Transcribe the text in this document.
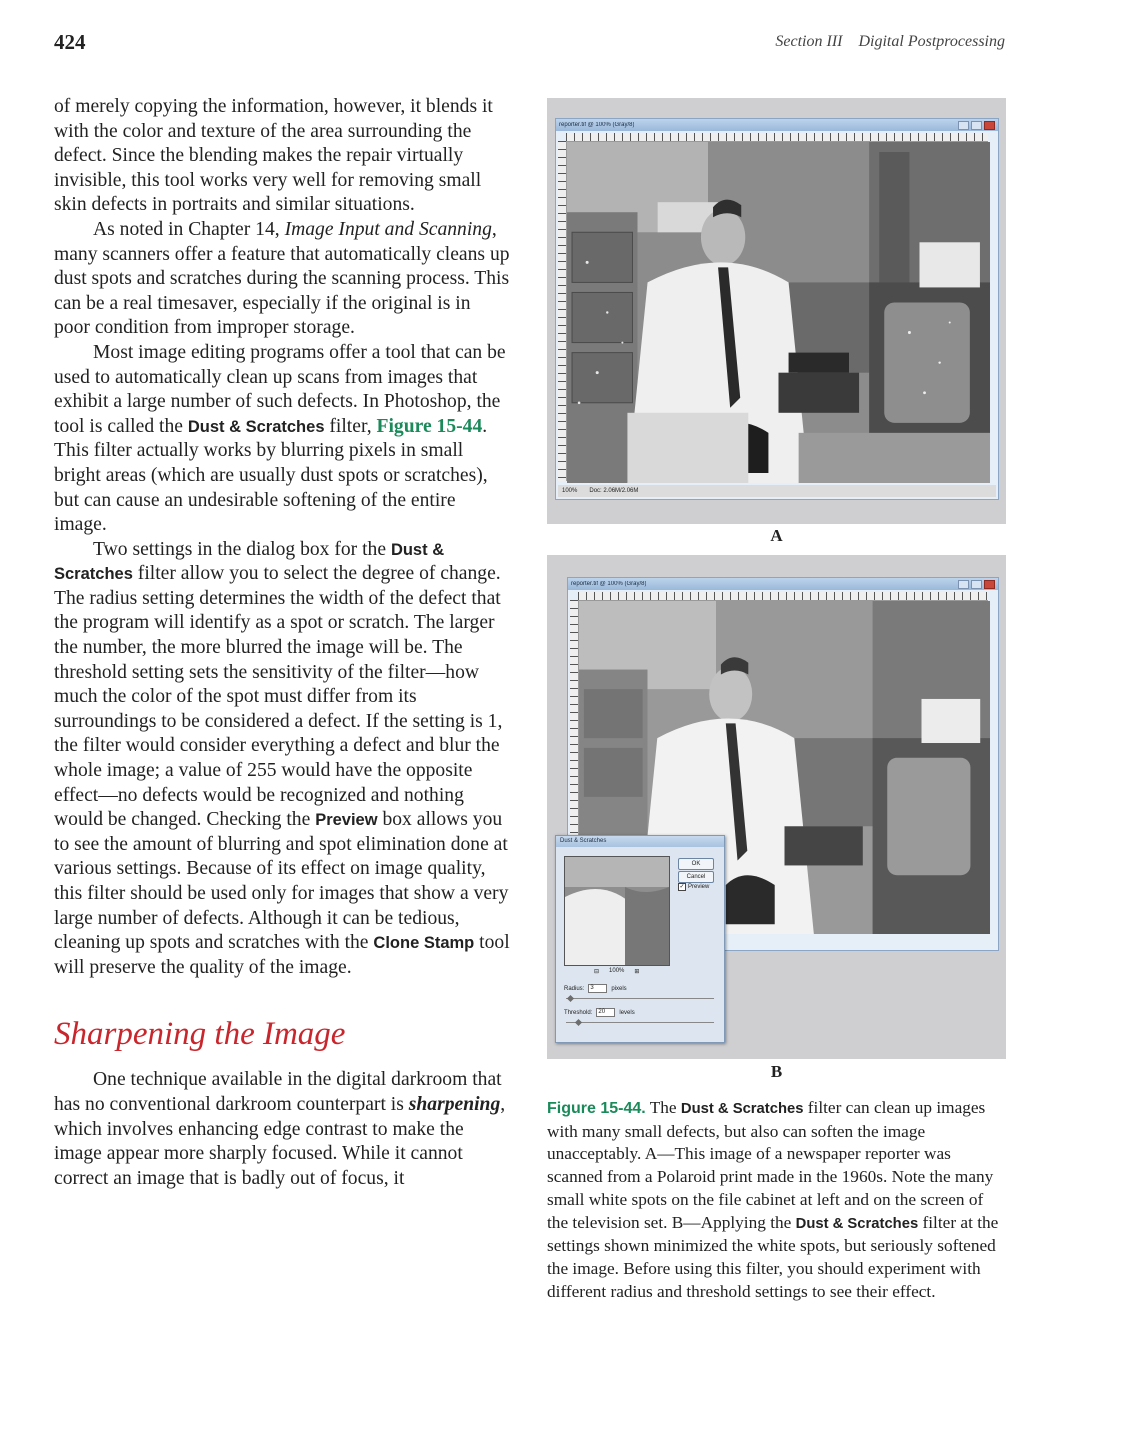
424	Section III Digital Postprocessing

of merely copying the information, however, it blends it with the color and texture of the area surrounding the defect. Since the blending makes the repair virtually invisible, this tool works very well for removing small skin defects in portraits and similar situations.

As noted in Chapter 14, Image Input and Scanning, many scanners offer a feature that automatically cleans up dust spots and scratches during the scanning process. This can be a real timesaver, especially if the original is in poor condition from improper storage.

Most image editing programs offer a tool that can be used to automatically clean up scans from images that exhibit a large number of such defects. In Photoshop, the tool is called the Dust & Scratches filter, Figure 15-44. This filter actually works by blurring pixels in small bright areas (which are usually dust spots or scratches), but can cause an undesirable softening of the entire image.

Two settings in the dialog box for the Dust & Scratches filter allow you to select the degree of change. The radius setting determines the width of the defect that the program will identify as a spot or scratch. The larger the number, the more blurred the image will be. The threshold setting sets the sensitivity of the filter—how much the color of the spot must differ from its surroundings to be considered a defect. If the setting is 1, the filter would consider everything a defect and blur the whole image; a value of 255 would have the opposite effect—no defects would be recognized and nothing would be changed. Checking the Preview box allows you to see the amount of blurring and spot elimination done at various settings. Because of its effect on image quality, this filter should be used only for images that show a very large number of defects. Although it can be tedious, cleaning up spots and scratches with the Clone Stamp tool will preserve the quality of the image.

Sharpening the Image

One technique available in the digital darkroom that has no conventional darkroom counterpart is sharpening, which involves enhancing edge contrast to make the image appear more sharply focused. While it cannot correct an image that is badly out of focus, it

reporter.tif @ 100% (Gray/8)
100% Doc: 2.06M/2.06M
A
reporter.tif @ 100% (Gray/8)
Dust & Scratches
OK
Cancel
✓ Preview
⊟ 100% ⊞
Radius:	3	pixels
Threshold:	20	levels
B
Figure 15-44. The Dust & Scratches filter can clean up images with many small defects, but also can soften the image unacceptably. A—This image of a newspaper reporter was scanned from a Polaroid print made in the 1960s. Note the many small white spots on the file cabinet at left and on the screen of the television set. B—Applying the Dust & Scratches filter at the settings shown minimized the white spots, but seriously softened the image. Before using this filter, you should experiment with different radius and threshold settings to see their effect.
